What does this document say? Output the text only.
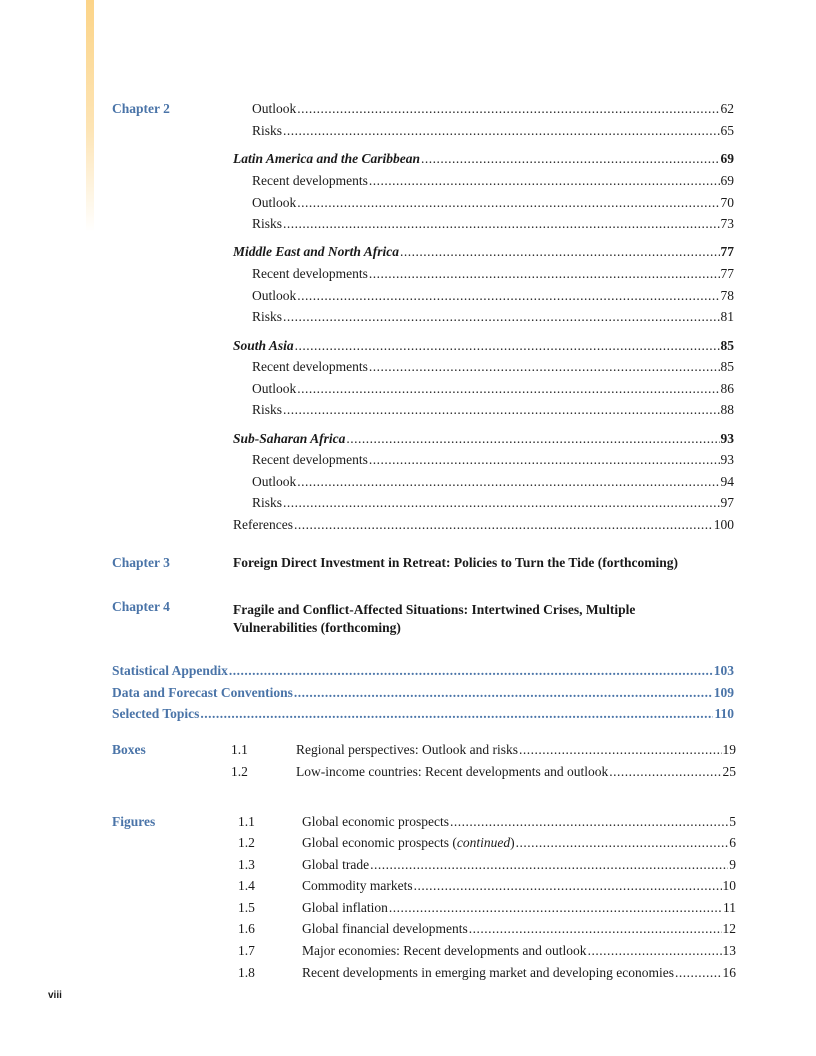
Chapter 2	Outlook .....	62
Risks .....	65
Latin America and the Caribbean .....	69
Recent developments .....	69
Outlook .....	70
Risks .....	73
Middle East and North Africa .....	77
Recent developments .....	77
Outlook .....	78
Risks .....	81
South Asia .....	85
Recent developments .....	85
Outlook .....	86
Risks .....	88
Sub-Saharan Africa .....	93
Recent developments .....	93
Outlook .....	94
Risks .....	97
References .....	100
Chapter 3	Foreign Direct Investment in Retreat: Policies to Turn the Tide (forthcoming)
Chapter 4	Fragile and Conflict-Affected Situations: Intertwined Crises, Multiple
Vulnerabilities (forthcoming)
Statistical Appendix .....	103
Data and Forecast Conventions .....	109
Selected Topics .....	110
Boxes	1.1	Regional perspectives: Outlook and risks .....	19
1.2	Low-income countries: Recent developments and outlook .....	25
Figures	1.1	Global economic prospects .....	5
1.2	Global economic prospects (continued) .....	6
1.3	Global trade .....	9
1.4	Commodity markets .....	10
1.5	Global inflation .....	11
1.6	Global financial developments .....	12
1.7	Major economies: Recent developments and outlook .....	13
1.8	Recent developments in emerging market and developing economies .....	16
viii
